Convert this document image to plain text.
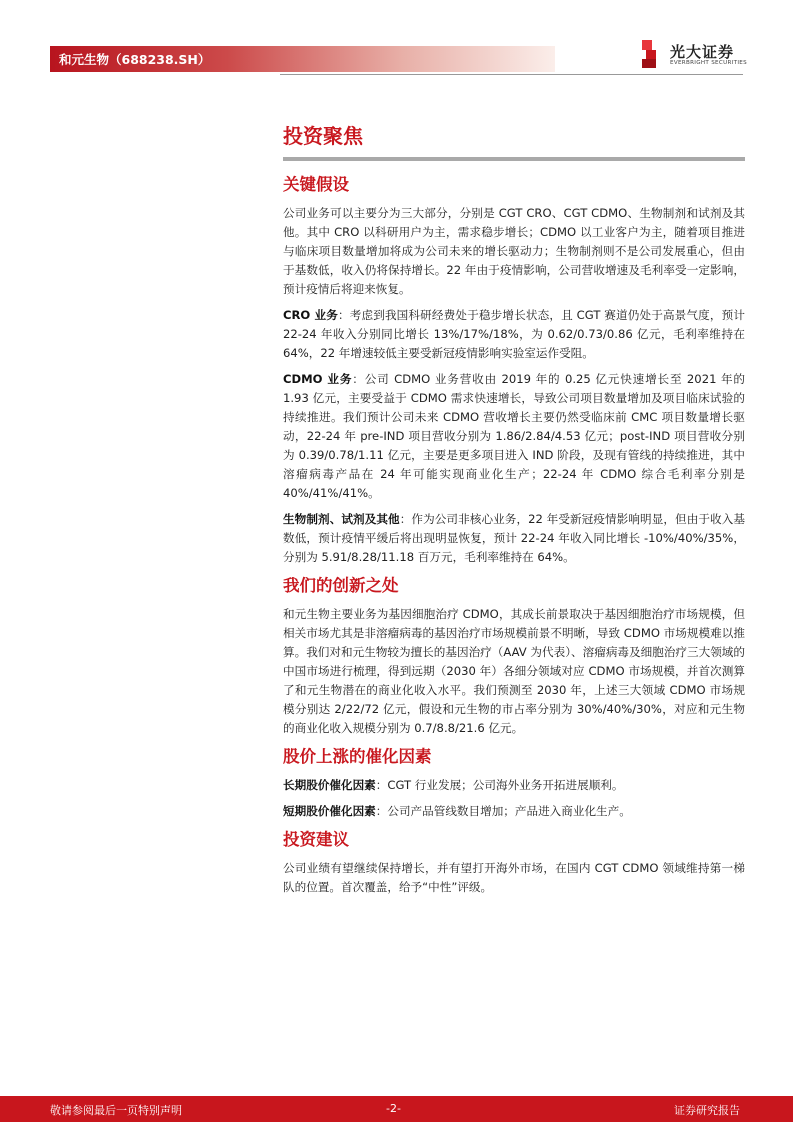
和元生物（688238.SH）	光大证券
EVERBRIGHT SECURITIES
投资聚焦
关键假设

公司业务可以主要分为三大部分，分别是 CGT CRO、CGT CDMO、生物制剂和试剂及其他。其中 CRO 以科研用户为主，需求稳步增长；CDMO 以工业客户为主，随着项目推进与临床项目数量增加将成为公司未来的增长驱动力；生物制剂则不是公司发展重心，但由于基数低，收入仍将保持增长。22 年由于疫情影响，公司营收增速及毛利率受一定影响，预计疫情后将迎来恢复。

CRO 业务：考虑到我国科研经费处于稳步增长状态，且 CGT 赛道仍处于高景气度，预计 22-24 年收入分别同比增长 13%/17%/18%，为 0.62/0.73/0.86 亿元，毛利率维持在 64%，22 年增速较低主要受新冠疫情影响实验室运作受阻。

CDMO 业务：公司 CDMO 业务营收由 2019 年的 0.25 亿元快速增长至 2021 年的 1.93 亿元，主要受益于 CDMO 需求快速增长，导致公司项目数量增加及项目临床试验的持续推进。我们预计公司未来 CDMO 营收增长主要仍然受临床前 CMC 项目数量增长驱动，22-24 年 pre-IND 项目营收分别为 1.86/2.84/4.53 亿元；post-IND 项目营收分别为 0.39/0.78/1.11 亿元，主要是更多项目进入 IND 阶段，及现有管线的持续推进，其中溶瘤病毒产品在 24 年可能实现商业化生产；22-24 年 CDMO 综合毛利率分别是 40%/41%/41%。

生物制剂、试剂及其他：作为公司非核心业务，22 年受新冠疫情影响明显，但由于收入基数低，预计疫情平缓后将出现明显恢复，预计 22-24 年收入同比增长 -10%/40%/35%，分别为 5.91/8.28/11.18 百万元，毛利率维持在 64%。

我们的创新之处

和元生物主要业务为基因细胞治疗 CDMO，其成长前景取决于基因细胞治疗市场规模，但相关市场尤其是非溶瘤病毒的基因治疗市场规模前景不明晰，导致 CDMO 市场规模难以推算。我们对和元生物较为擅长的基因治疗（AAV 为代表）、溶瘤病毒及细胞治疗三大领域的中国市场进行梳理，得到远期（2030 年）各细分领域对应 CDMO 市场规模，并首次测算了和元生物潜在的商业化收入水平。我们预测至 2030 年，上述三大领域 CDMO 市场规模分别达 2/22/72 亿元，假设和元生物的市占率分别为 30%/40%/30%，对应和元生物的商业化收入规模分别为 0.7/8.8/21.6 亿元。

股价上涨的催化因素

长期股价催化因素：CGT 行业发展；公司海外业务开拓进展顺利。

短期股价催化因素：公司产品管线数目增加；产品进入商业化生产。

投资建议

公司业绩有望继续保持增长，并有望打开海外市场，在国内 CGT CDMO 领域维持第一梯队的位置。首次覆盖，给予“中性”评级。

敬请参阅最后一页特别声明	-2-	证券研究报告
